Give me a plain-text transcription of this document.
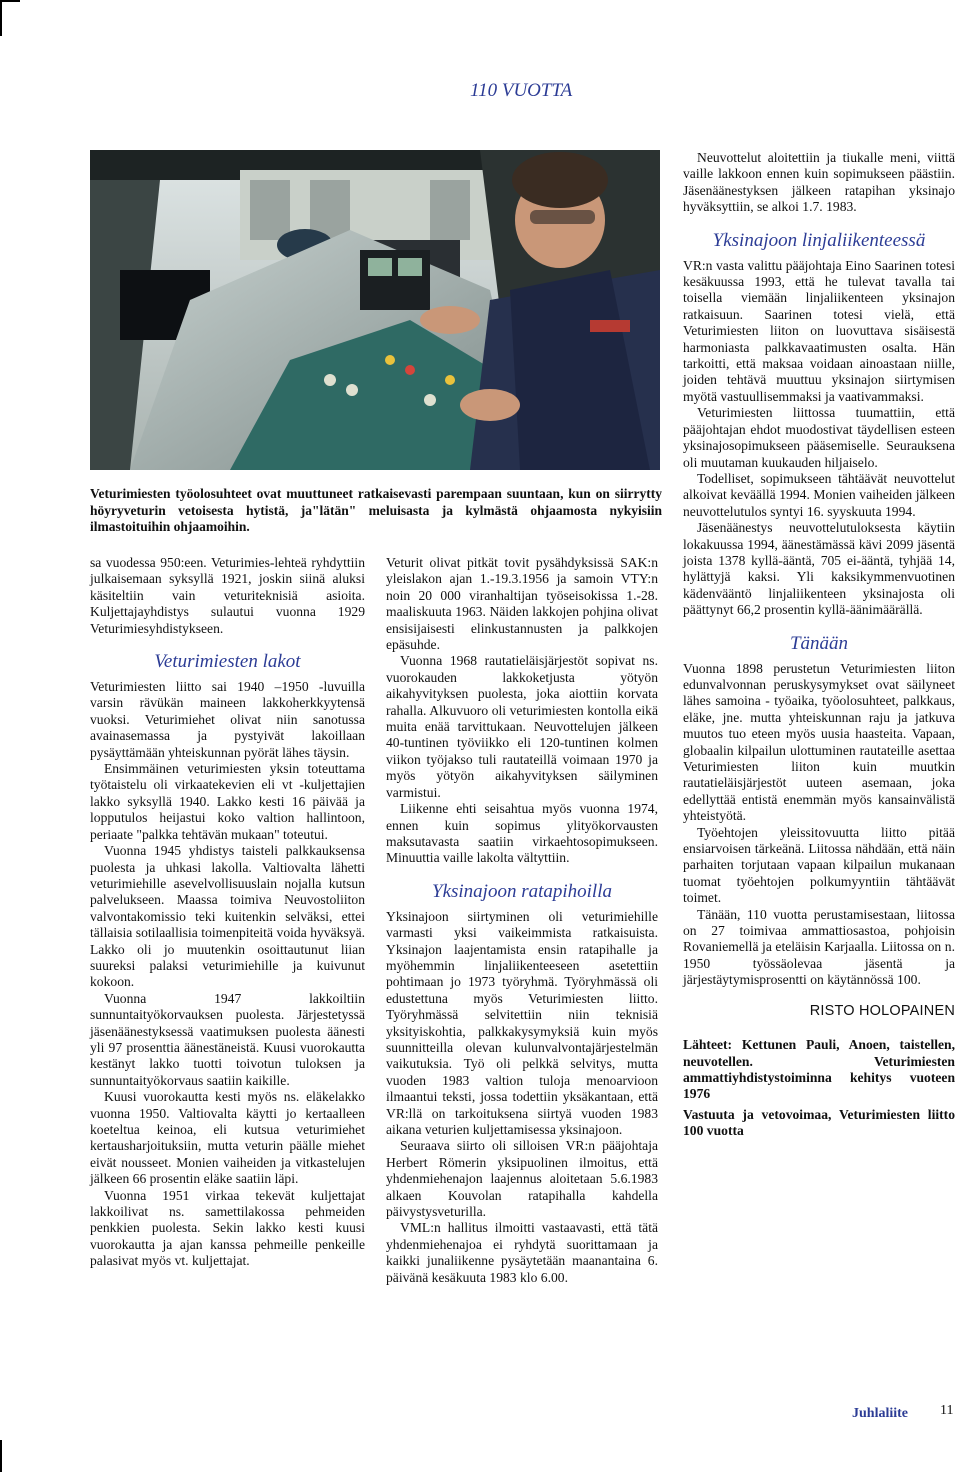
110 VUOTTA
Veturimiesten työolosuhteet ovat muuttuneet ratkaisevasti parempaan suuntaan, kun on siirrytty höyryveturin vetoisesta hytistä, ja"lätän" meluisasta ja kylmästä ohjaamosta nykyisiin ilmastoituihin ohjaamoihin.

sa vuodessa 950:een. Veturimies-lehteä ryhdyttiin julkaisemaan syksyllä 1921, joskin siinä aluksi käsiteltiin vain veturiteknisiä asioita. Kuljettajayhdistys sulautui vuonna 1929 Veturimiesyhdistykseen.

Veturimiesten lakot

Veturimiesten liitto sai 1940 –1950 -luvuilla varsin rävükän maineen lakkoherkkyytensä vuoksi. Veturimiehet olivat niin sanotussa avainasemassa ja pystyivät lakoillaan pysäyttämään yhteiskunnan pyörät lähes täysin.

Ensimmäinen veturimiesten yksin toteuttama työtaistelu oli virkaatekevien eli vt -kuljettajien lakko syksyllä 1940. Lakko kesti 16 päivää ja lopputulos heijastui koko valtion hallintoon, periaate "palkka tehtävän mukaan" toteutui.

Vuonna 1945 yhdistys taisteli palkkauksensa puolesta ja uhkasi lakolla. Valtiovalta lähetti veturimiehille asevelvollisuuslain nojalla kutsun palvelukseen. Maassa toimiva Neuvostoliiton valvontakomissio teki kuitenkin selväksi, ettei tällaisia sotilaallisia toimenpiteitä voida hyväksyä. Lakko oli jo muutenkin osoittautunut liian suureksi palaksi veturimiehille ja kuivunut kokoon.

Vuonna 1947 lakkoiltiin sunnuntaityökorvauksen puolesta. Järjestetyssä jäsenäänestyksessä vaatimuksen puolesta äänesti yli 97 prosenttia äänestäneistä. Kuusi vuorokautta kestänyt lakko tuotti toivotun tuloksen ja sunnuntaityökorvaus saatiin kaikille.

Kuusi vuorokautta kesti myös ns. eläkelakko vuonna 1950. Valtiovalta käytti jo kertaalleen koeteltua keinoa, eli kutsua veturimiehet kertausharjoituksiin, mutta veturin päälle miehet eivät nousseet. Monien vaiheiden ja vitkastelujen jälkeen 66 prosentin eläke saatiin läpi.

Vuonna 1951 virkaa tekevät kuljettajat lakkoilivat ns. samettilakossa pehmeiden penkkien puolesta. Sekin lakko kesti kuusi vuorokautta ja ajan kanssa pehmeille penkeille palasivat myös vt. kuljettajat.

Veturit olivat pitkät tovit pysähdyksissä SAK:n yleislakon ajan 1.-19.3.1956 ja samoin VTY:n noin 20 000 viranhaltijan työseisokissa 1.-28. maaliskuuta 1963. Näiden lakkojen pohjina olivat ensisijaisesti elinkustannusten ja palkkojen epäsuhde.

Vuonna 1968 rautatieläisjärjestöt sopivat ns. vuorokauden lakkoketjusta yötyön aikahyvityksen puolesta, joka aiottiin korvata rahalla. Alkuvuoro oli veturimiesten kontolla eikä muita enää tarvittukaan. Neuvottelujen jälkeen 40-tuntinen työviikko eli 120-tuntinen kolmen viikon työjakso tuli rautateillä voimaan 1970 ja myös yötyön aikahyvityksen säilyminen varmistui.

Liikenne ehti seisahtua myös vuonna 1974, ennen kuin sopimus ylityökorvausten maksutavasta saatiin virkaehtosopimukseen. Minuuttia vaille lakolta vältyttiin.

Yksinajoon ratapihoilla

Yksinajoon siirtyminen oli veturimiehille varmasti yksi vaikeimmista ratkaisuista. Yksinajon laajentamista ensin ratapihalle ja myöhemmin linjaliikenteeseen asetettiin pohtimaan jo 1973 työryhmä. Työryhmässä oli edustettuna myös Veturimiesten liitto. Työryhmässä selvitettiin niin teknisiä yksityiskohtia, palkkakysymyksiä kuin myös suunnitteilla olevan kulunvalvontajärjestelmän vaikutuksia. Työ oli pelkkä selvitys, mutta vuoden 1983 valtion tuloja menoarvioon ilmaantui teksti, jossa todettiin yksäkantaan, että VR:llä on tarkoituksena siirtyä vuoden 1983 aikana veturien kuljettamisessa yksinajoon.

Seuraava siirto oli silloisen VR:n pääjohtaja Herbert Römerin yksipuolinen ilmoitus, että yhdenmiehenajon laajennus aloitetaan 5.6.1983 alkaen Kouvolan ratapihalla kahdella päivystysveturilla.

VML:n hallitus ilmoitti vastaavasti, että tätä yhdenmiehenajoa ei ryhdytä suorittamaan ja kaikki junaliikenne pysäytetään maanantaina 6. päivänä kesäkuuta 1983 klo 6.00.

Neuvottelut aloitettiin ja tiukalle meni, viittä vaille lakkoon ennen kuin sopimukseen päästiin. Jäsenäänestyksen jälkeen ratapihan yksinajo hyväksyttiin, se alkoi 1.7. 1983.

Yksinajoon linjaliikenteessä

VR:n vasta valittu pääjohtaja Eino Saarinen totesi kesäkuussa 1993, että he tulevat tavalla tai toisella viemään linjaliikenteen yksinajon ratkaisuun. Saarinen totesi vielä, että Veturimiesten liiton on luovuttava sisäisestä harmoniasta palkkavaatimusten osalta. Hän tarkoitti, että maksaa voidaan ainoastaan niille, joiden tehtävä muuttuu yksinajon siirtymisen myötä vastuullisemmaksi ja vaativammaksi.

Veturimiesten liittossa tuumattiin, että pääjohtajan ehdot muodostivat täydellisen esteen yksinajosopimukseen pääsemiselle. Seurauksena oli muutaman kuukauden hiljaiselo.

Todelliset, sopimukseen tähtäävät neuvottelut alkoivat keväällä 1994. Monien vaiheiden jälkeen neuvottelutulos syntyi 16. syyskuuta 1994.

Jäsenäänestys neuvottelutuloksesta käytiin lokakuussa 1994, äänestämässä kävi 2099 jäsentä joista 1378 kyllä-ääntä, 705 ei-ääntä, tyhjää 14, hylättyjä kaksi. Yli kaksikymmenvuotinen kädenvääntö linjaliikenteen yksinajosta oli päättynyt 66,2 prosentin kyllä-äänimäärällä.

Tänään

Vuonna 1898 perustetun Veturimiesten liiton edunvalvonnan peruskysymykset ovat säilyneet lähes samoina - työaika, työolosuhteet, palkkaus, eläke, jne. mutta yhteiskunnan raju ja jatkuva muutos tuo eteen myös uusia haasteita. Vapaan, globaalin kilpailun ulottuminen rautateille asettaa Veturimiesten liiton kuin muutkin rautatieläisjärjestöt uuteen asemaan, joka edellyttää entistä enemmän myös kansainvälistä yhteistyötä.

Työehtojen yleissitovuutta liitto pitää ensiarvoisen tärkeänä. Liitossa nähdään, että näin parhaiten torjutaan vapaan kilpailun mukanaan tuomat työehtojen polkumyyntiin tähtäävät toimet.

Tänään, 110 vuotta perustamisestaan, liitossa on 27 toimivaa ammattiosastoa, pohjoisin Rovaniemellä ja eteläisin Karjaalla. Liitossa on n. 1950 työssäolevaa jäsentä ja järjestäytymisprosentti on käytännössä 100.

RISTO HOLOPAINEN

Lähteet: Kettunen Pauli, Anoen, taistellen, neuvotellen. Veturimiesten ammattiyhdistystoiminna kehitys vuoteen 1976

Vastuuta ja vetovoimaa, Veturimiesten liitto 100 vuotta

Juhlaliite 11
